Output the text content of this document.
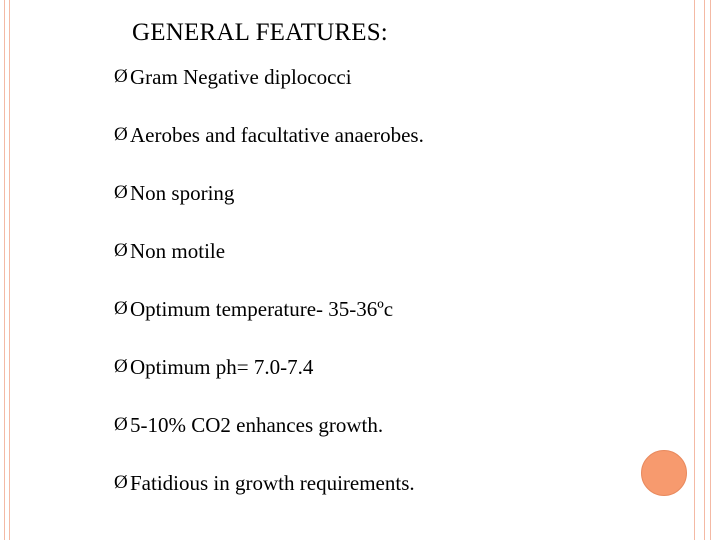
GENERAL FEATURES:
Ø Gram Negative diplococci
Ø Aerobes and facultative anaerobes.
Ø Non sporing
Ø Non motile
Ø Optimum temperature- 35-36ºc
Ø Optimum ph= 7.0-7.4
Ø 5-10% CO2 enhances growth.
Ø Fatidious in growth requirements.
